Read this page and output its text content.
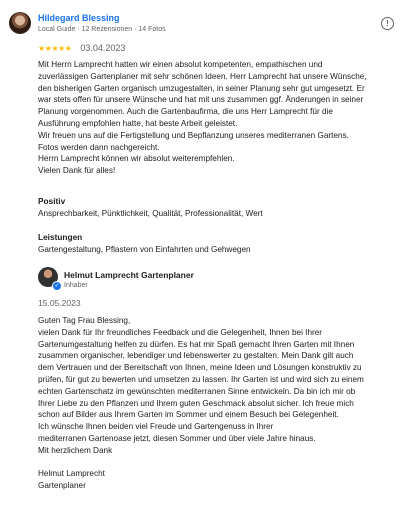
Hildegard Blessing
Local Guide · 12 Rezensionen · 14 Fotos
!
★★★★★ 03.04.2023
Mit Herrn Lamprecht hatten wir einen absolut kompetenten, empathischen und
zuverlässigen Gartenplaner mit sehr schönen Ideen. Herr Lamprecht hat unsere Wünsche,
den bisherigen Garten organisch umzugestalten, in seiner Planung sehr gut umgesetzt. Er
war stets offen für unsere Wünsche und hat mit uns zusammen ggf. Änderungen in seiner
Planung vorgenommen. Auch die Gartenbaufirma, die uns Herr Lamprecht für die
Ausführung empfohlen hatte, hat beste Arbeit geleistet.
Wir freuen uns auf die Fertigstellung und Bepflanzung unseres mediterranen Gartens.
Fotos werden dann nachgereicht.
Herrn Lamprecht können wir absolut weiterempfehlen.
Vielen Dank für alles!
Positiv
Ansprechbarkeit, Pünktlichkeit, Qualität, Professionalität, Wert
Leistungen
Gartengestaltung, Pflastern von Einfahrten und Gehwegen
✓
Helmut Lamprecht Gartenplaner
Inhaber
15.05.2023
Guten Tag Frau Blessing,
vielen Dank für Ihr freundliches Feedback und die Gelegenheit, Ihnen bei Ihrer
Gartenumgestaltung helfen zu dürfen. Es hat mir Spaß gemacht Ihren Garten mit Ihnen
zusammen organischer, lebendiger und lebenswerter zu gestalten. Mein Dank gilt auch
dem Vertrauen und der Bereitschaft von Ihnen, meine Ideen und Lösungen konstruktiv zu
prüfen, für gut zu bewerten und umsetzen zu lassen. Ihr Garten ist und wird sich zu einem
echten Gartenschatz im gewünschten mediterranen Sinne entwickeln. Da bin ich mir ob
Ihrer Liebe zu den Pflanzen und Ihrem guten Geschmack absolut sicher. Ich freue mich
schon auf Bilder aus Ihrem Garten im Sommer und einem Besuch bei Gelegenheit.
Ich wünsche Ihnen beiden viel Freude und Gartengenuss in Ihrer
mediterranen Gartenoase jetzt, diesen Sommer und über viele Jahre hinaus.
Mit herzlichem Dank

Helmut Lamprecht
Gartenplaner
